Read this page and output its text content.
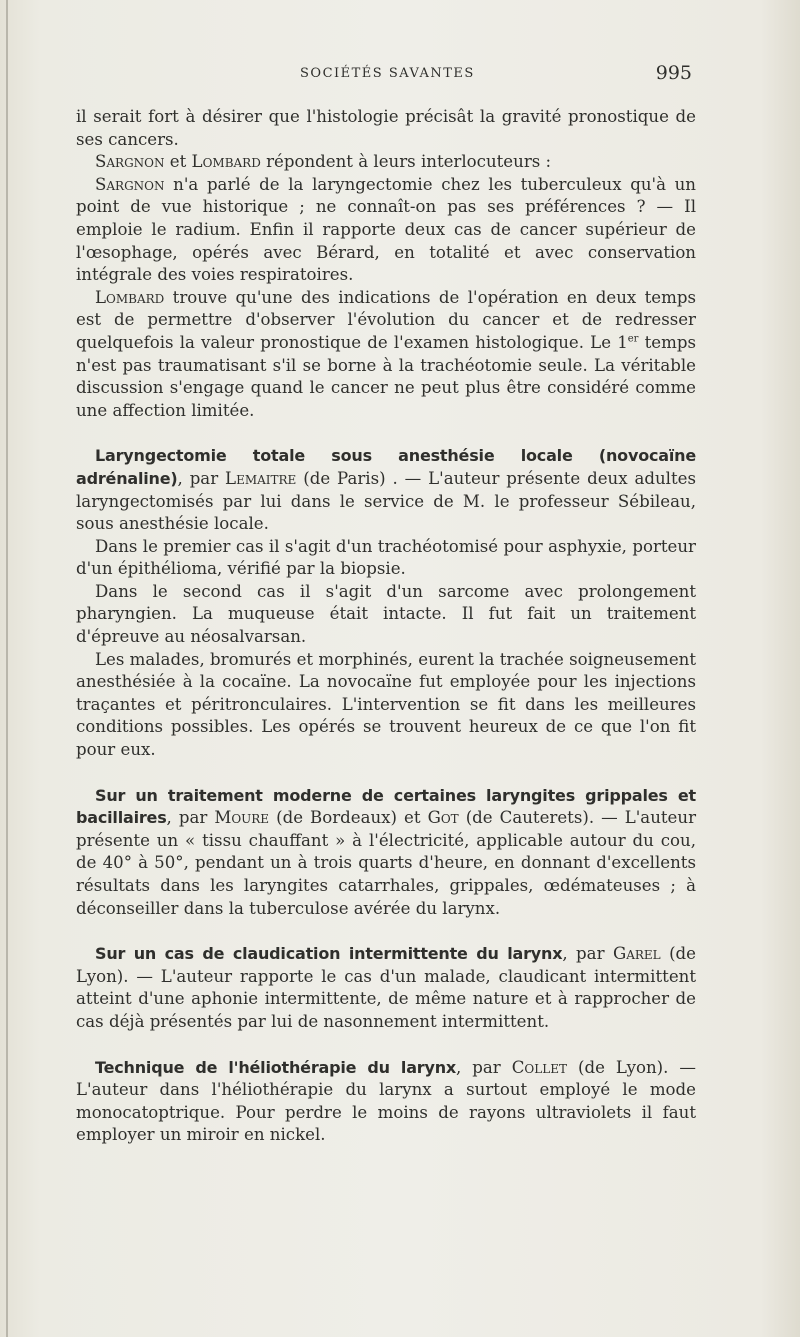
SOCIÉTÉS SAVANTES	995

il serait fort à désirer que l'histologie précisât la gravité pronostique de ses cancers.

Sargnon et Lombard répondent à leurs interlocuteurs :

Sargnon n'a parlé de la laryngectomie chez les tuberculeux qu'à un point de vue historique ; ne connaît-on pas ses préférences ? — Il emploie le radium. Enfin il rapporte deux cas de cancer supérieur de l'œsophage, opérés avec Bérard, en totalité et avec conservation intégrale des voies respiratoires.

Lombard trouve qu'une des indications de l'opération en deux temps est de permettre d'observer l'évolution du cancer et de redresser quelquefois la valeur pronostique de l'examen histologique. Le 1er temps n'est pas traumatisant s'il se borne à la trachéotomie seule. La véritable discussion s'engage quand le cancer ne peut plus être considéré comme une affection limitée.

Laryngectomie totale sous anesthésie locale (novocaïne adrénaline), par Lemaitre (de Paris) . — L'auteur présente deux adultes laryngectomisés par lui dans le service de M. le professeur Sébileau, sous anesthésie locale.

Dans le premier cas il s'agit d'un trachéotomisé pour asphyxie, porteur d'un épithélioma, vérifié par la biopsie.

Dans le second cas il s'agit d'un sarcome avec prolongement pharyngien. La muqueuse était intacte. Il fut fait un traitement d'épreuve au néosalvarsan.

Les malades, bromurés et morphinés, eurent la trachée soigneusement anesthésiée à la cocaïne. La novocaïne fut employée pour les injections traçantes et péritronculaires. L'intervention se fit dans les meilleures conditions possibles. Les opérés se trouvent heureux de ce que l'on fit pour eux.

Sur un traitement moderne de certaines laryngites grippales et bacillaires, par Moure (de Bordeaux) et Got (de Cauterets). — L'auteur présente un « tissu chauffant » à l'électricité, applicable autour du cou, de 40° à 50°, pendant un à trois quarts d'heure, en donnant d'excellents résultats dans les laryngites catarrhales, grippales, œdémateuses ; à déconseiller dans la tuberculose avérée du larynx.

Sur un cas de claudication intermittente du larynx, par Garel (de Lyon). — L'auteur rapporte le cas d'un malade, claudicant intermittent atteint d'une aphonie intermittente, de même nature et à rapprocher de cas déjà présentés par lui de nasonnement intermittent.

Technique de l'héliothérapie du larynx, par Collet (de Lyon). — L'auteur dans l'héliothérapie du larynx a surtout employé le mode monocatoptrique. Pour perdre le moins de rayons ultraviolets il faut employer un miroir en nickel.
